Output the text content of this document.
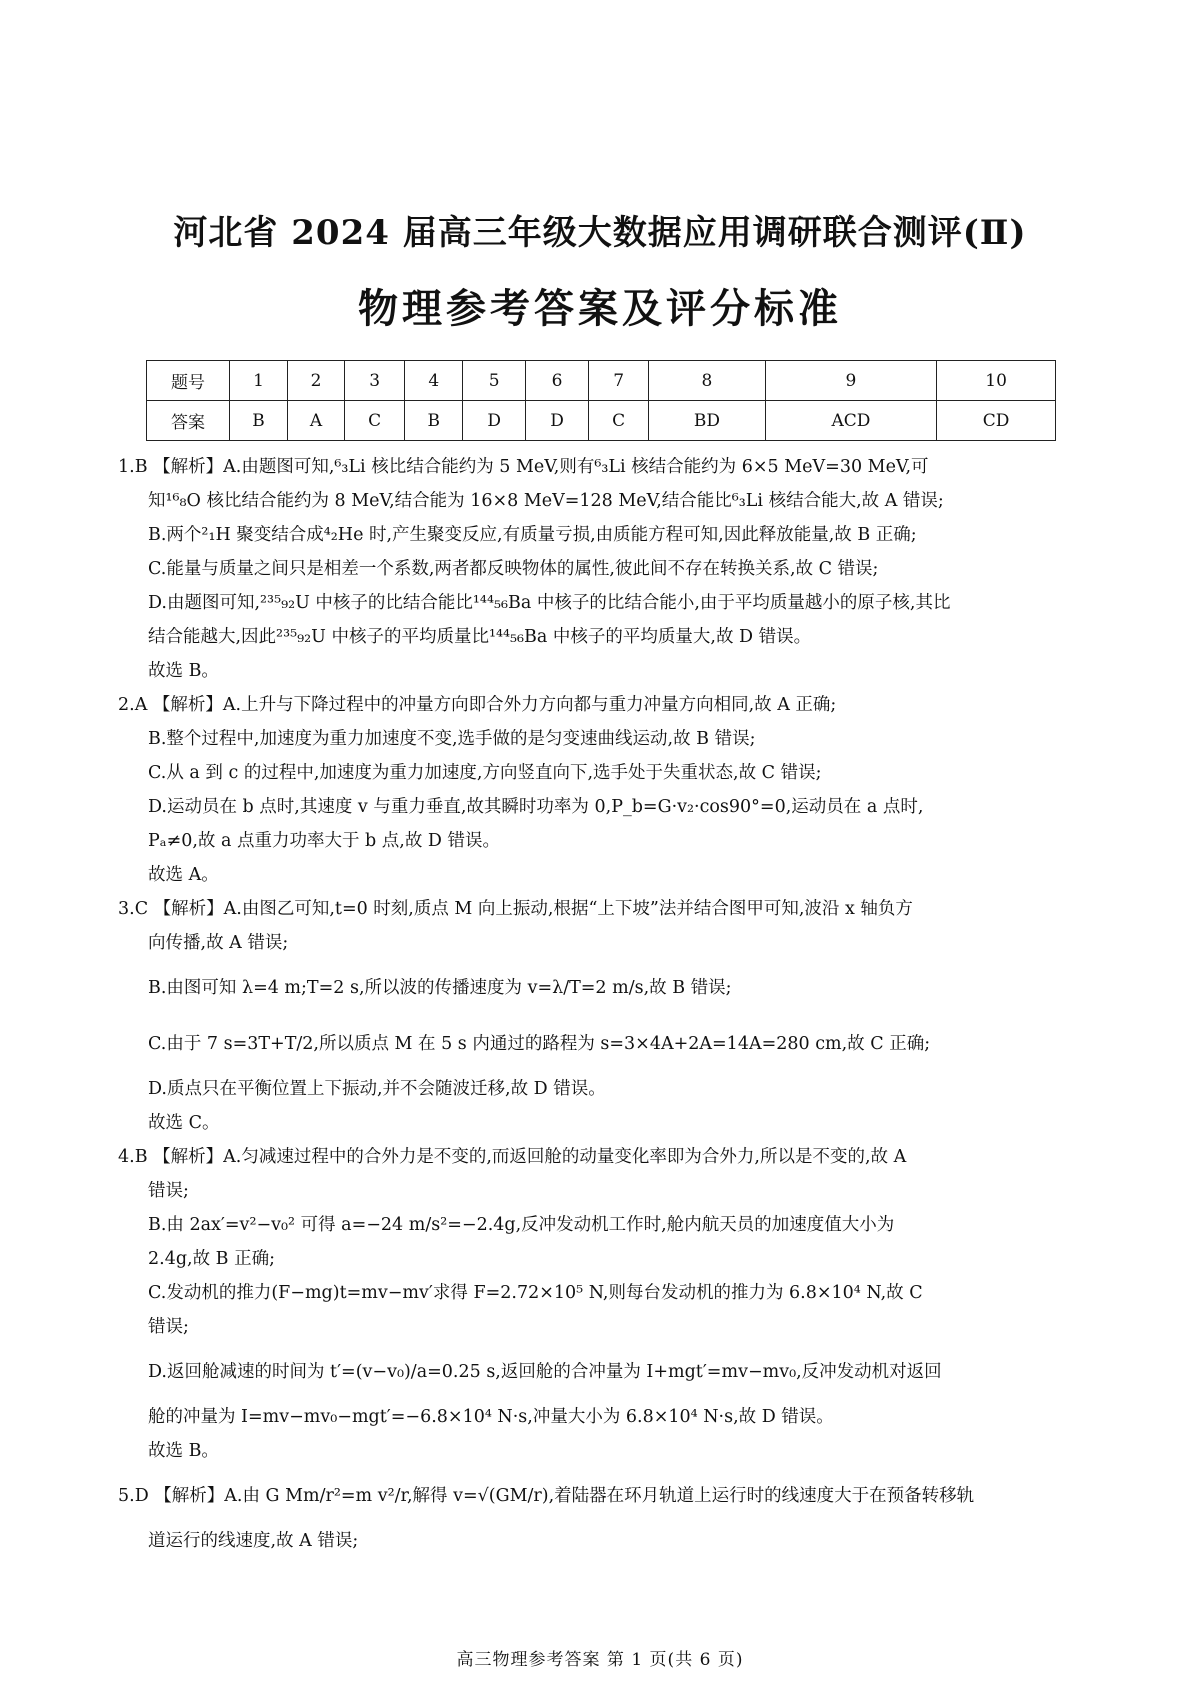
河北省 2024 届高三年级大数据应用调研联合测评(Ⅱ)
物理参考答案及评分标准
题号	1	2	3	4	5	6	7	8	9	10
答案	B	A	C	B	D	D	C	BD	ACD	CD

1.B 【解析】A.由题图可知,⁶₃Li 核比结合能约为 5 MeV,则有⁶₃Li 核结合能约为 6×5 MeV=30 MeV,可

知¹⁶₈O 核比结合能约为 8 MeV,结合能为 16×8 MeV=128 MeV,结合能比⁶₃Li 核结合能大,故 A 错误;

B.两个²₁H 聚变结合成⁴₂He 时,产生聚变反应,有质量亏损,由质能方程可知,因此释放能量,故 B 正确;

C.能量与质量之间只是相差一个系数,两者都反映物体的属性,彼此间不存在转换关系,故 C 错误;

D.由题图可知,²³⁵₉₂U 中核子的比结合能比¹⁴⁴₅₆Ba 中核子的比结合能小,由于平均质量越小的原子核,其比

结合能越大,因此²³⁵₉₂U 中核子的平均质量比¹⁴⁴₅₆Ba 中核子的平均质量大,故 D 错误。

故选 B。

2.A 【解析】A.上升与下降过程中的冲量方向即合外力方向都与重力冲量方向相同,故 A 正确;

B.整个过程中,加速度为重力加速度不变,选手做的是匀变速曲线运动,故 B 错误;

C.从 a 到 c 的过程中,加速度为重力加速度,方向竖直向下,选手处于失重状态,故 C 错误;

D.运动员在 b 点时,其速度 v 与重力垂直,故其瞬时功率为 0,P_b=G·v₂·cos90°=0,运动员在 a 点时,

Pₐ≠0,故 a 点重力功率大于 b 点,故 D 错误。

故选 A。

3.C 【解析】A.由图乙可知,t=0 时刻,质点 M 向上振动,根据“上下坡”法并结合图甲可知,波沿 x 轴负方

向传播,故 A 错误;

B.由图可知 λ=4 m;T=2 s,所以波的传播速度为 v=λ/T=2 m/s,故 B 错误;

C.由于 7 s=3T+T/2,所以质点 M 在 5 s 内通过的路程为 s=3×4A+2A=14A=280 cm,故 C 正确;

D.质点只在平衡位置上下振动,并不会随波迁移,故 D 错误。

故选 C。

4.B 【解析】A.匀减速过程中的合外力是不变的,而返回舱的动量变化率即为合外力,所以是不变的,故 A

错误;

B.由 2ax′=v²−v₀² 可得 a=−24 m/s²=−2.4g,反冲发动机工作时,舱内航天员的加速度值大小为

2.4g,故 B 正确;

C.发动机的推力(F−mg)t=mv−mv′求得 F=2.72×10⁵ N,则每台发动机的推力为 6.8×10⁴ N,故 C

错误;

D.返回舱减速的时间为 t′=(v−v₀)/a=0.25 s,返回舱的合冲量为 I+mgt′=mv−mv₀,反冲发动机对返回

舱的冲量为 I=mv−mv₀−mgt′=−6.8×10⁴ N·s,冲量大小为 6.8×10⁴ N·s,故 D 错误。

故选 B。

5.D 【解析】A.由 G Mm/r²=m v²/r,解得 v=√(GM/r),着陆器在环月轨道上运行时的线速度大于在预备转移轨

道运行的线速度,故 A 错误;

高三物理参考答案 第 1 页(共 6 页)
